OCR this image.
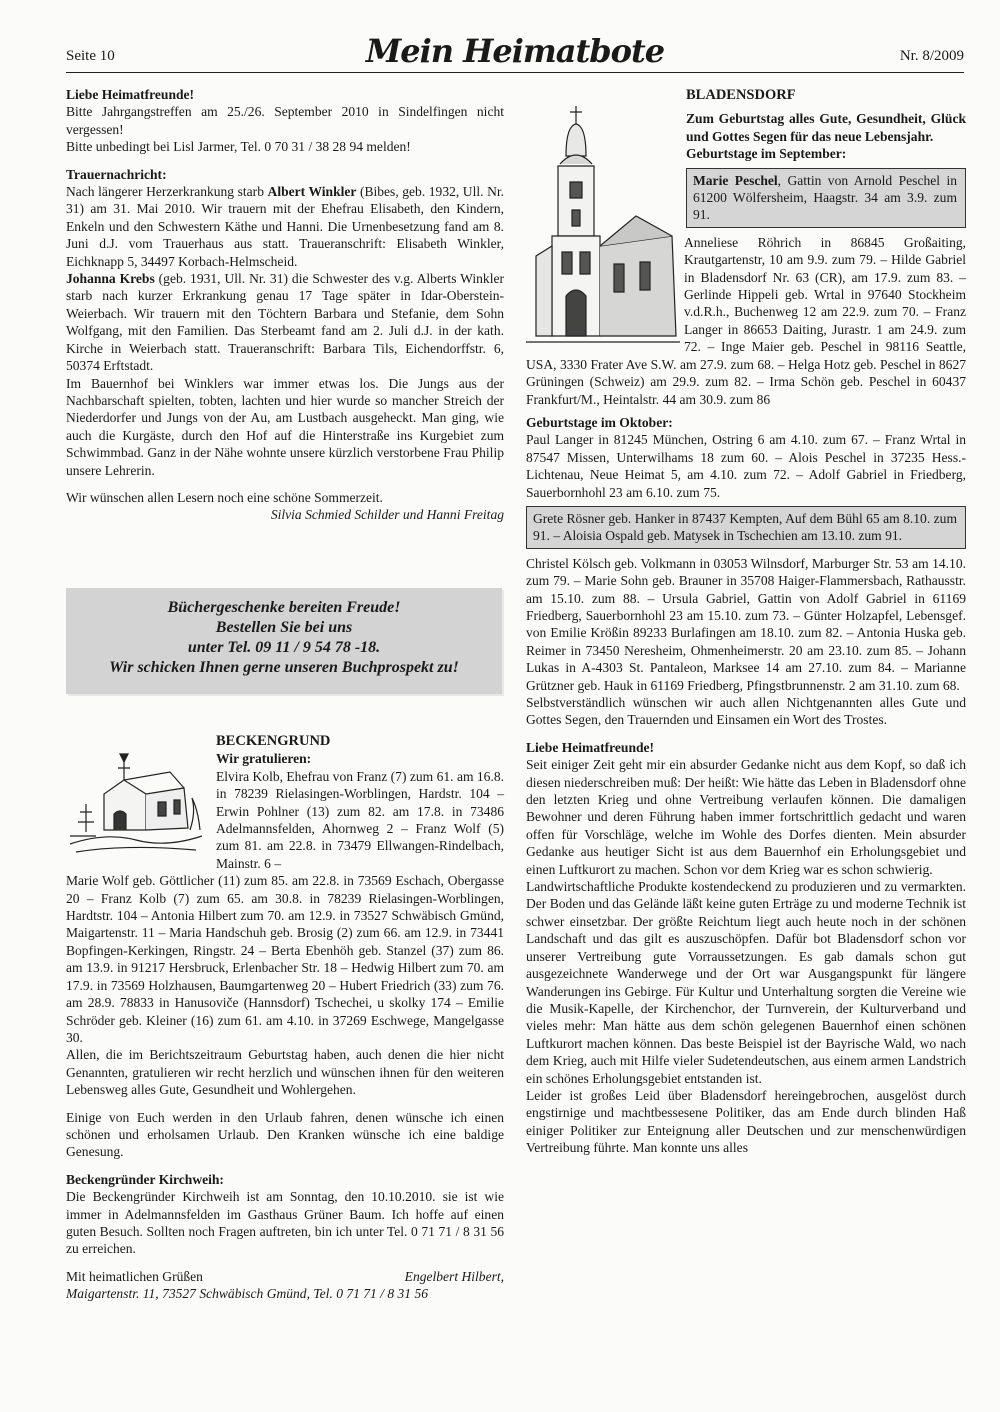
Seite 10	Mein Heimatbote	Nr. 8/2009

Liebe Heimatfreunde!

Bitte Jahrgangstreffen am 25./26. September 2010 in Sindelfingen nicht vergessen!

Bitte unbedingt bei Lisl Jarmer, Tel. 0 70 31 / 38 28 94 melden!

Trauernachricht:

Nach längerer Herzerkrankung starb Albert Winkler (Bibes, geb. 1932, Ull. Nr. 31) am 31. Mai 2010. Wir trauern mit der Ehefrau Elisabeth, den Kindern, Enkeln und den Schwestern Käthe und Hanni. Die Urnenbesetzung fand am 8. Juni d.J. vom Trauerhaus aus statt. Traueranschrift: Elisabeth Winkler, Eichknapp 5, 34497 Korbach-Helmscheid.

Johanna Krebs (geb. 1931, Ull. Nr. 31) die Schwester des v.g. Alberts Winkler starb nach kurzer Erkrankung genau 17 Tage später in Idar-Oberstein-Weierbach. Wir trauern mit den Töchtern Barbara und Stefanie, dem Sohn Wolfgang, mit den Familien. Das Sterbeamt fand am 2. Juli d.J. in der kath. Kirche in Weierbach statt. Traueranschrift: Barbara Tils, Eichendorffstr. 6, 50374 Erftstadt.

Im Bauernhof bei Winklers war immer etwas los. Die Jungs aus der Nachbarschaft spielten, tobten, lachten und hier wurde so mancher Streich der Niederdorfer und Jungs von der Au, am Lustbach ausgeheckt. Man ging, wie auch die Kurgäste, durch den Hof auf die Hinterstraße ins Kurgebiet zum Schwimmbad. Ganz in der Nähe wohnte unsere kürzlich verstorbene Frau Philip unsere Lehrerin.

Wir wünschen allen Lesern noch eine schöne Sommerzeit.

Silvia Schmied Schilder und Hanni Freitag

Büchergeschenke bereiten Freude!
Bestellen Sie bei uns
unter Tel. 09 11 / 9 54 78 -18.
Wir schicken Ihnen gerne unseren Buchprospekt zu!

BECKENGRUND

Wir gratulieren:

Elvira Kolb, Ehefrau von Franz (7) zum 61. am 16.8. in 78239 Rielasingen-Worblingen, Hardstr. 104 – Erwin Pohlner (13) zum 82. am 17.8. in 73486 Adelmannsfelden, Ahornweg 2 – Franz Wolf (5) zum 81. am 22.8. in 73479 Ellwangen-Rindelbach, Mainstr. 6 –

Marie Wolf geb. Göttlicher (11) zum 85. am 22.8. in 73569 Eschach, Obergasse 20 – Franz Kolb (7) zum 65. am 30.8. in 78239 Rielasingen-Worblingen, Hardtstr. 104 – Antonia Hilbert zum 70. am 12.9. in 73527 Schwäbisch Gmünd, Maigartenstr. 11 – Maria Handschuh geb. Brosig (2) zum 66. am 12.9. in 73441 Bopfingen-Kerkingen, Ringstr. 24 – Berta Ebenhöh geb. Stanzel (37) zum 86. am 13.9. in 91217 Hersbruck, Erlenbacher Str. 18 – Hedwig Hilbert zum 70. am 17.9. in 73569 Holzhausen, Baumgartenweg 20 – Hubert Friedrich (33) zum 76. am 28.9. 78833 in Hanusoviče (Hannsdorf) Tschechei, u skolky 174 – Emilie Schröder geb. Kleiner (16) zum 61. am 4.10. in 37269 Eschwege, Mangelgasse 30.

Allen, die im Berichtszeitraum Geburtstag haben, auch denen die hier nicht Genannten, gratulieren wir recht herzlich und wünschen ihnen für den weiteren Lebensweg alles Gute, Gesundheit und Wohlergehen.

Einige von Euch werden in den Urlaub fahren, denen wünsche ich einen schönen und erholsamen Urlaub. Den Kranken wünsche ich eine baldige Genesung.

Beckengründer Kirchweih:

Die Beckengründer Kirchweih ist am Sonntag, den 10.10.2010. sie ist wie immer in Adelmannsfelden im Gasthaus Grüner Baum. Ich hoffe auf einen guten Besuch. Sollten noch Fragen auftreten, bin ich unter Tel. 0 71 71 / 8 31 56 zu erreichen.

Mit heimatlichen Grüßen	Engelbert Hilbert,

Maigartenstr. 11, 73527 Schwäbisch Gmünd, Tel. 0 71 71 / 8 31 56

BLADENSDORF

Zum Geburtstag alles Gute, Gesundheit, Glück und Gottes Segen für das neue Lebensjahr.

Geburtstage im September:

Marie Peschel, Gattin von Arnold Peschel in 61200 Wölfersheim, Haagstr. 34 am 3.9. zum 91.

Anneliese Röhrich in 86845 Großaiting, Krautgartenstr, 10 am 9.9. zum 79. – Hilde Gabriel in Bladensdorf Nr. 63 (CR), am 17.9. zum 83. – Gerlinde Hippeli geb. Wrtal in 97640 Stockheim v.d.R.h., Buchenweg 12 am 22.9. zum 70. – Franz Langer in 86653 Daiting, Jurastr. 1 am 24.9. zum 72. – Inge Maier geb. Peschel in 98116 Seattle, USA, 3330 Frater Ave S.W. am 27.9. zum 68. – Helga Hotz geb. Peschel in 8627 Grüningen (Schweiz) am 29.9. zum 82. – Irma Schön geb. Peschel in 60437 Frankfurt/M., Heintalstr. 44 am 30.9. zum 86

Geburtstage im Oktober:

Paul Langer in 81245 München, Ostring 6 am 4.10. zum 67. – Franz Wrtal in 87547 Missen, Unterwilhams 18 zum 60. – Alois Peschel in 37235 Hess.-Lichtenau, Neue Heimat 5, am 4.10. zum 72. – Adolf Gabriel in Friedberg, Sauerbornhohl 23 am 6.10. zum 75.

Grete Rösner geb. Hanker in 87437 Kempten, Auf dem Bühl 65 am 8.10. zum 91. – Aloisia Ospald geb. Matysek in Tschechien am 13.10. zum 91.

Christel Kölsch geb. Volkmann in 03053 Wilnsdorf, Marburger Str. 53 am 14.10. zum 79. – Marie Sohn geb. Brauner in 35708 Haiger-Flammersbach, Rathausstr. am 15.10. zum 88. – Ursula Gabriel, Gattin von Adolf Gabriel in 61169 Friedberg, Sauerbornhohl 23 am 15.10. zum 73. – Günter Holzapfel, Lebensgef. von Emilie Krößin 89233 Burlafingen am 18.10. zum 82. – Antonia Huska geb. Reimer in 73450 Neresheim, Ohmenheimerstr. 20 am 23.10. zum 85. – Johann Lukas in A-4303 St. Pantaleon, Marksee 14 am 27.10. zum 84. – Marianne Grützner geb. Hauk in 61169 Friedberg, Pfingstbrunnenstr. 2 am 31.10. zum 68.

Selbstverständlich wünschen wir auch allen Nichtgenannten alles Gute und Gottes Segen, den Trauernden und Einsamen ein Wort des Trostes.

Liebe Heimatfreunde!

Seit einiger Zeit geht mir ein absurder Gedanke nicht aus dem Kopf, so daß ich diesen niederschreiben muß: Der heißt: Wie hätte das Leben in Bladensdorf ohne den letzten Krieg und ohne Vertreibung verlaufen können. Die damaligen Bewohner und deren Führung haben immer fortschrittlich gedacht und waren offen für Vorschläge, welche im Wohle des Dorfes dienten. Mein absurder Gedanke aus heutiger Sicht ist aus dem Bauernhof ein Erholungsgebiet und einen Luftkurort zu machen. Schon vor dem Krieg war es schon schwierig.

Landwirtschaftliche Produkte kostendeckend zu produzieren und zu vermarkten. Der Boden und das Gelände läßt keine guten Erträge zu und moderne Technik ist schwer einsetzbar. Der größte Reichtum liegt auch heute noch in der schönen Landschaft und das gilt es auszuschöpfen. Dafür bot Bladensdorf schon vor unserer Vertreibung gute Vorraussetzungen. Es gab damals schon gut ausgezeichnete Wanderwege und der Ort war Ausgangspunkt für längere Wanderungen ins Gebirge. Für Kultur und Unterhaltung sorgten die Vereine wie die Musik-Kapelle, der Kirchenchor, der Turnverein, der Kulturverband und vieles mehr: Man hätte aus dem schön gelegenen Bauernhof einen schönen Luftkurort machen können. Das beste Beispiel ist der Bayrische Wald, wo nach dem Krieg, auch mit Hilfe vieler Sudetendeutschen, aus einem armen Landstrich ein schönes Erholungsgebiet entstanden ist.

Leider ist großes Leid über Bladensdorf hereingebrochen, ausgelöst durch engstirnige und machtbessesene Politiker, das am Ende durch blinden Haß einiger Politiker zur Enteignung aller Deutschen und zur menschenwürdigen Vertreibung führte. Man konnte uns alles
